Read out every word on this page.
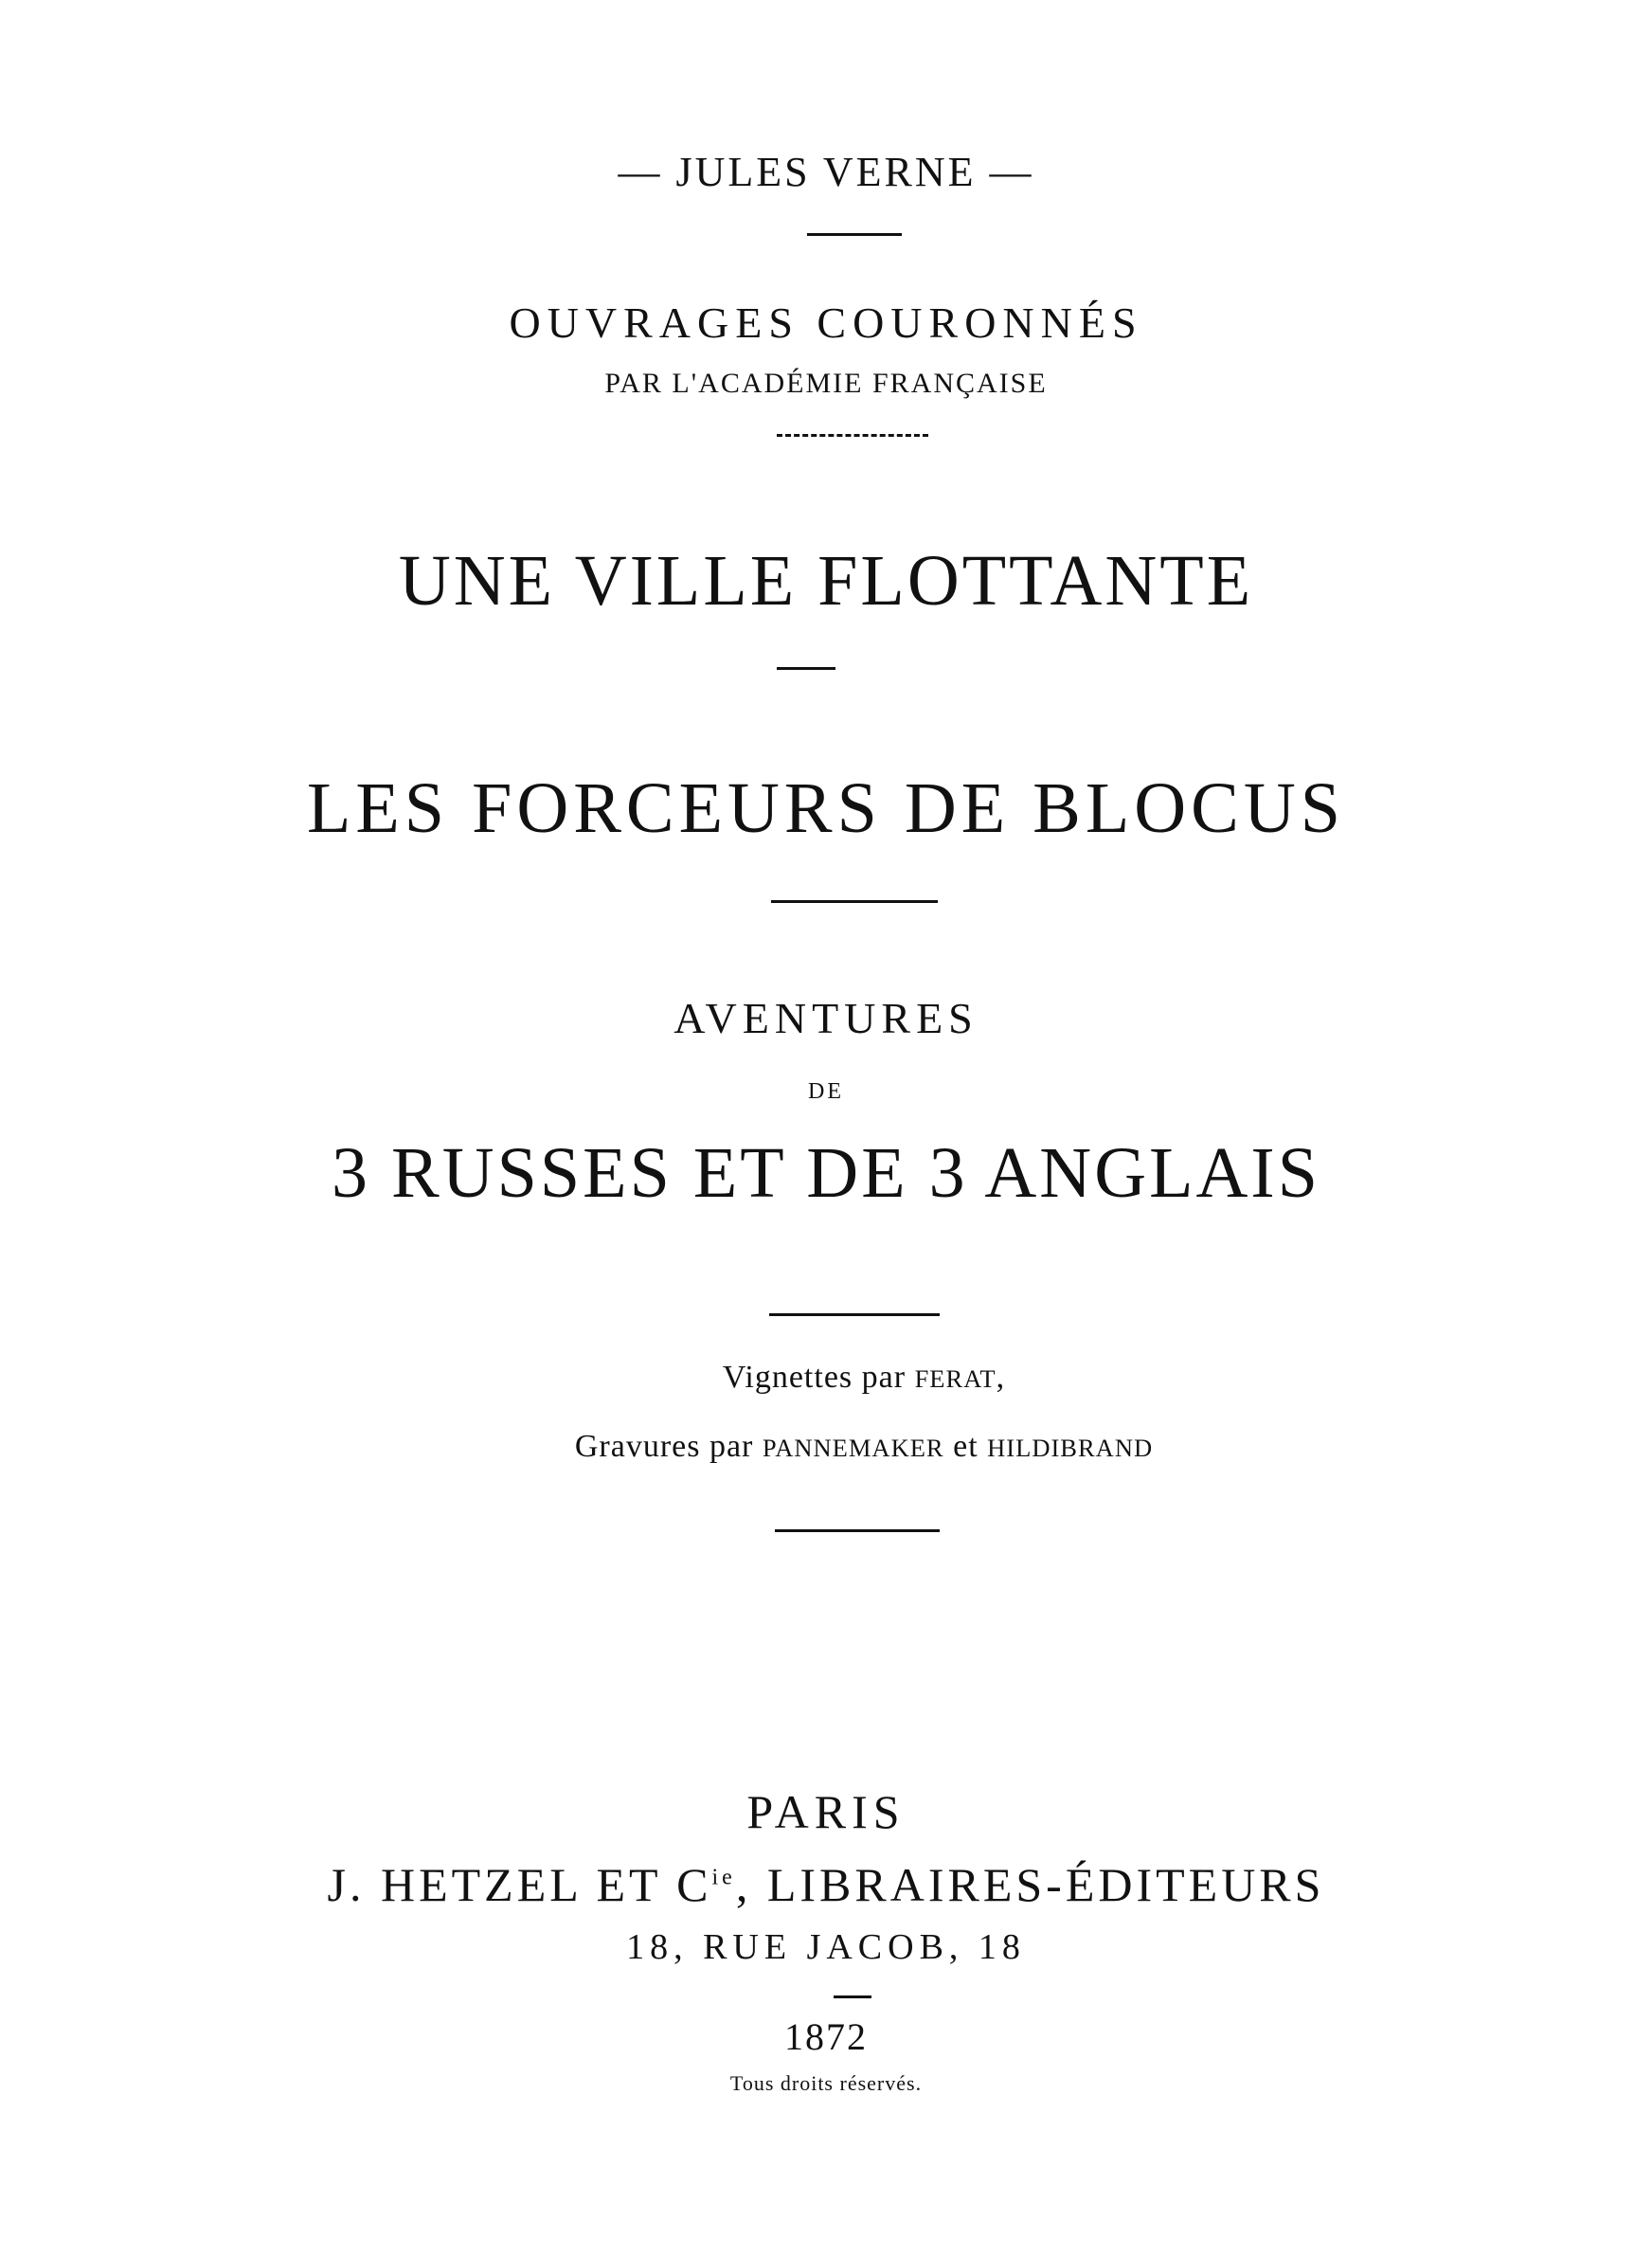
— JULES VERNE —
OUVRAGES COURONNÉS
PAR L'ACADÉMIE FRANÇAISE
UNE VILLE FLOTTANTE
LES FORCEURS DE BLOCUS
AVENTURES
DE
3 RUSSES ET DE 3 ANGLAIS
Vignettes par FERAT,
Gravures par PANNEMAKER et HILDIBRAND
PARIS
J. HETZEL ET $C^{ie}$, LIBRAIRES-ÉDITEURS
18, RUE JACOB, 18
1872
Tous droits réservés.
